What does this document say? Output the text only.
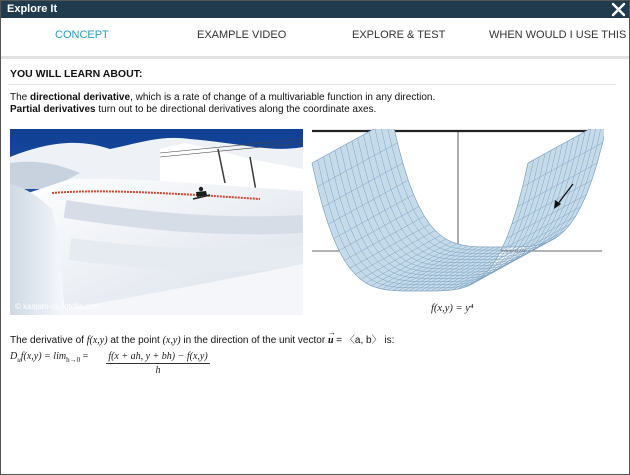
Explore It
CONCEPT	EXAMPLE VIDEO	EXPLORE & TEST	WHEN WOULD I USE THIS
YOU WILL LEARN ABOUT:
The directional derivative, which is a rate of change of a multivariable function in any direction.
Partial derivatives turn out to be directional derivatives along the coordinate axes.
© kasjato-us.fotolia.com	f(x,y) = y⁴
The derivative of f(x,y) at the point (x,y) in the direction of the unit vector u
→
= 〈a, b〉 is:
$D_uf(x,y) = \lim_{h\to 0} = \frac{f(x + ah, y + bh) - f(x,y)}{h}$
